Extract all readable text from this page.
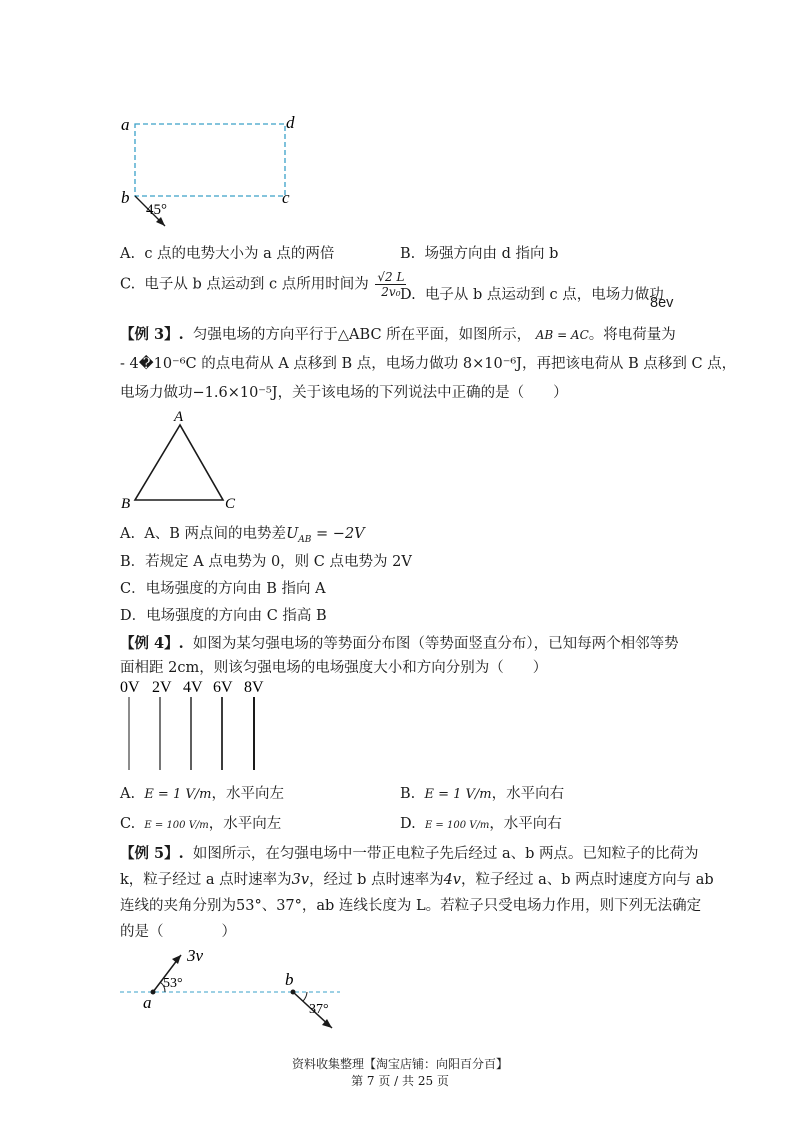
a	d
b	c
45°
A. c 点的电势大小为 a 点的两倍	B. 场强方向由 d 指向 b
C. 电子从 b 点运动到 c 点所用时间为 $\frac{√2 L}{\text{2v₀}}$
D. 电子从 b 点运动到 c 点，电场力做功
8ev
【例 3】. 匀强电场的方向平行于△ABC 所在平面，如图所示， AB = AC。将电荷量为
- 4�10⁻⁶C 的点电荷从 A 点移到 B 点，电场力做功 8×10⁻⁶J，再把该电荷从 B 点移到 C 点，
电场力做功−1.6×10⁻⁵J，关于该电场的下列说法中正确的是（　　）
A
B	C
A. A、B 两点间的电势差$U_{AB} = -2V$
B．若规定 A 点电势为 0，则 C 点电势为 2V
C．电场强度的方向由 B 指向 A
D．电场强度的方向由 C 指高 B
【例 4】. 如图为某匀强电场的等势面分布图（等势面竖直分布），已知每两个相邻等势
面相距 2cm，则该匀强电场的电场强度大小和方向分别为（　　）
0V 2V 4V 6V 8V
A. E = 1 V/m，水平向左	B. E = 1 V/m，水平向右
C. E = 100 V/m，水平向左	D. E = 100 V/m，水平向右
【例 5】. 如图所示，在匀强电场中一带正电粒子先后经过 a、b 两点。已知粒子的比荷为
k，粒子经过 a 点时速率为3v，经过 b 点时速率为4v，粒子经过 a、b 两点时速度方向与 ab
连线的夹角分别为53°、37°，ab 连线长度为 L。若粒子只受电场力作用，则下列无法确定
的是（　　　　）
3v
53°
a
b
37°
资料收集整理【淘宝店铺：向阳百分百】
第 7 页 / 共 25 页
